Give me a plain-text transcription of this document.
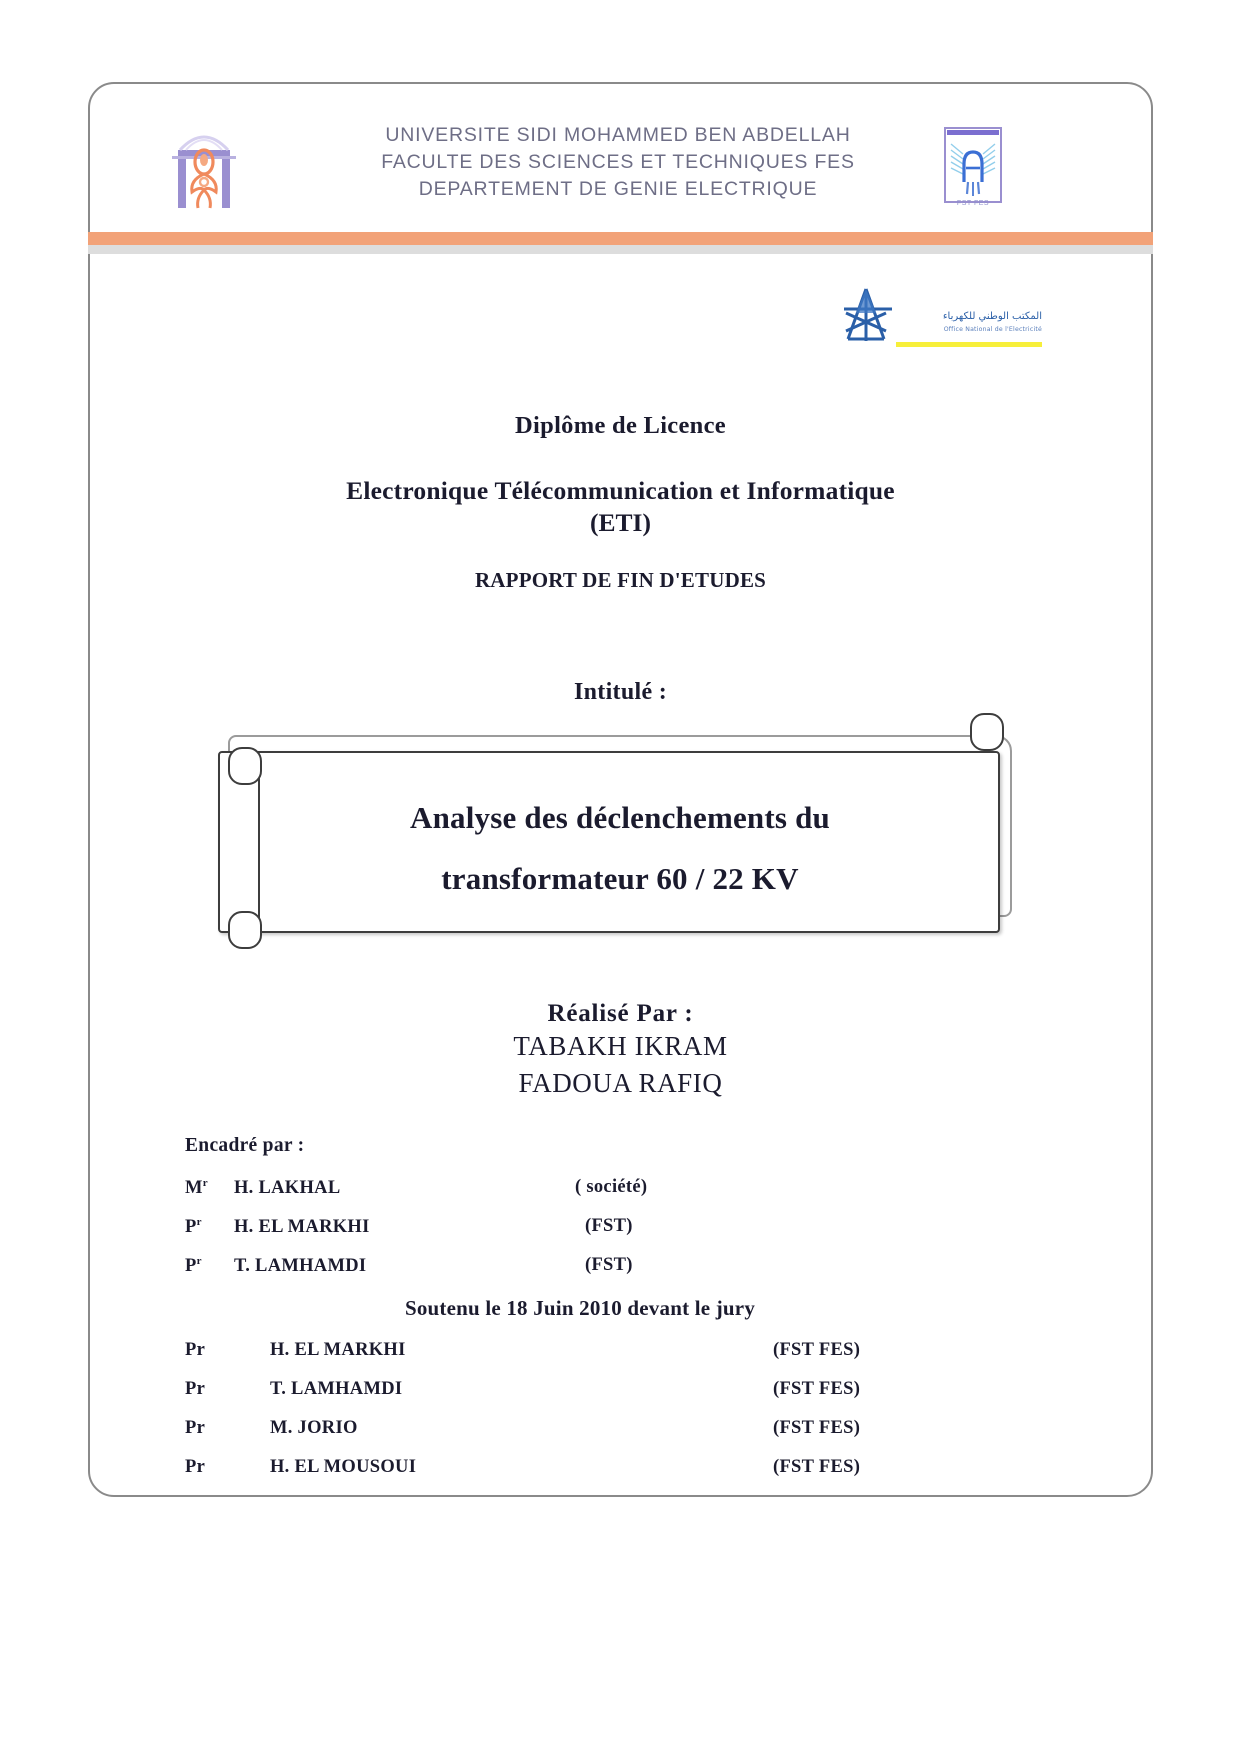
UNIVERSITE SIDI MOHAMMED BEN ABDELLAH
FACULTE DES SCIENCES ET TECHNIQUES FES
DEPARTEMENT DE GENIE ELECTRIQUE
FST FES
المكتب الوطني للكهرباء
Office National de l'Electricité
Diplôme de Licence
Electronique Télécommunication et Informatique
(ETI)
RAPPORT DE FIN D'ETUDES
Intitulé :
Analyse des déclenchements du
transformateur 60 / 22 KV
Réalisé Par :
TABAKH IKRAM
FADOUA RAFIQ
Encadré par :
$M^r$ H. LAKHAL	( société)
$P^r$ H. EL MARKHI	(FST)
$P^r$ T. LAMHAMDI	(FST)
Soutenu le 18 Juin 2010 devant le jury
Pr	H. EL MARKHI	(FST FES)
Pr	T. LAMHAMDI	(FST FES)
Pr	M. JORIO	(FST FES)
Pr	H. EL MOUSOUI	(FST FES)
